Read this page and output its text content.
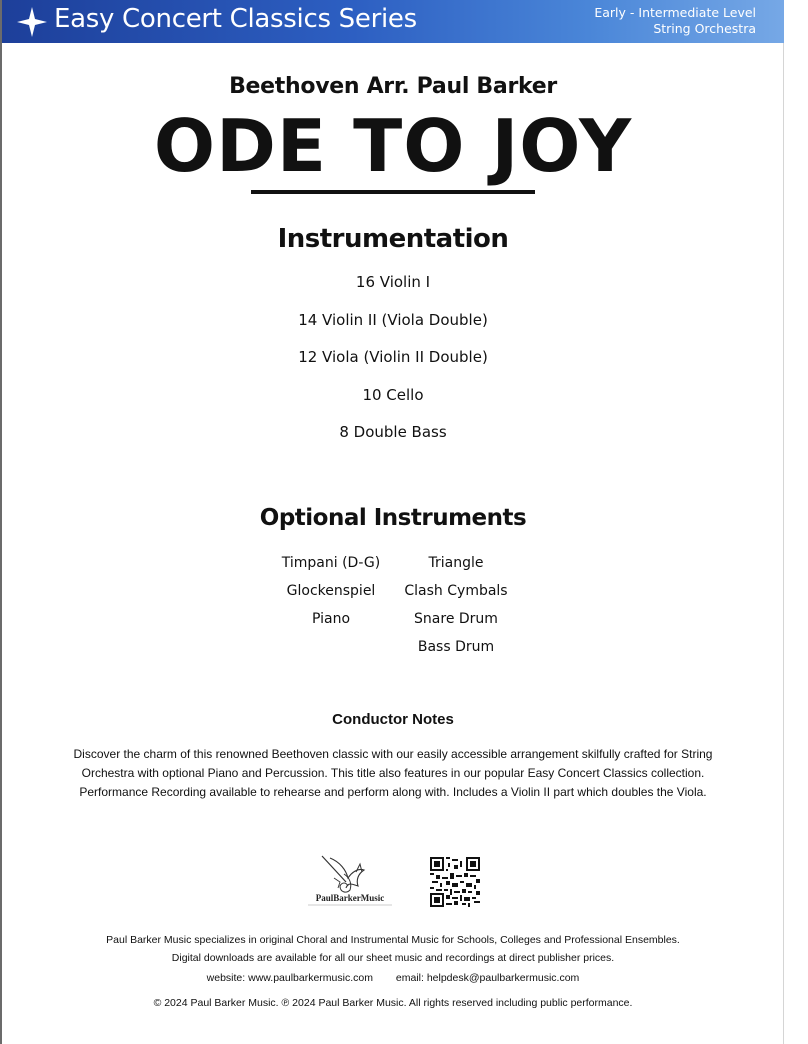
Easy Concert Classics Series	Early - Intermediate Level
String Orchestra
Beethoven Arr. Paul Barker
ODE TO JOY
Instrumentation
16 Violin I
14 Violin II (Viola Double)
12 Viola (Violin II Double)
10 Cello
8 Double Bass
Optional Instruments
Timpani (D-G)
Glockenspiel
Piano
Triangle
Clash Cymbals
Snare Drum
Bass Drum
Conductor Notes
Discover the charm of this renowned Beethoven classic with our easily accessible arrangement skilfully crafted for String
Orchestra with optional Piano and Percussion. This title also features in our popular Easy Concert Classics collection.
Performance Recording available to rehearse and perform along with. Includes a Violin II part which doubles the Viola.
PaulBarkerMusic
Paul Barker Music specializes in original Choral and Instrumental Music for Schools, Colleges and Professional Ensembles.
Digital downloads are available for all our sheet music and recordings at direct publisher prices.
website: www.paulbarkermusic.com email: helpdesk@paulbarkermusic.com
© 2024 Paul Barker Music. ℗ 2024 Paul Barker Music. All rights reserved including public performance.
